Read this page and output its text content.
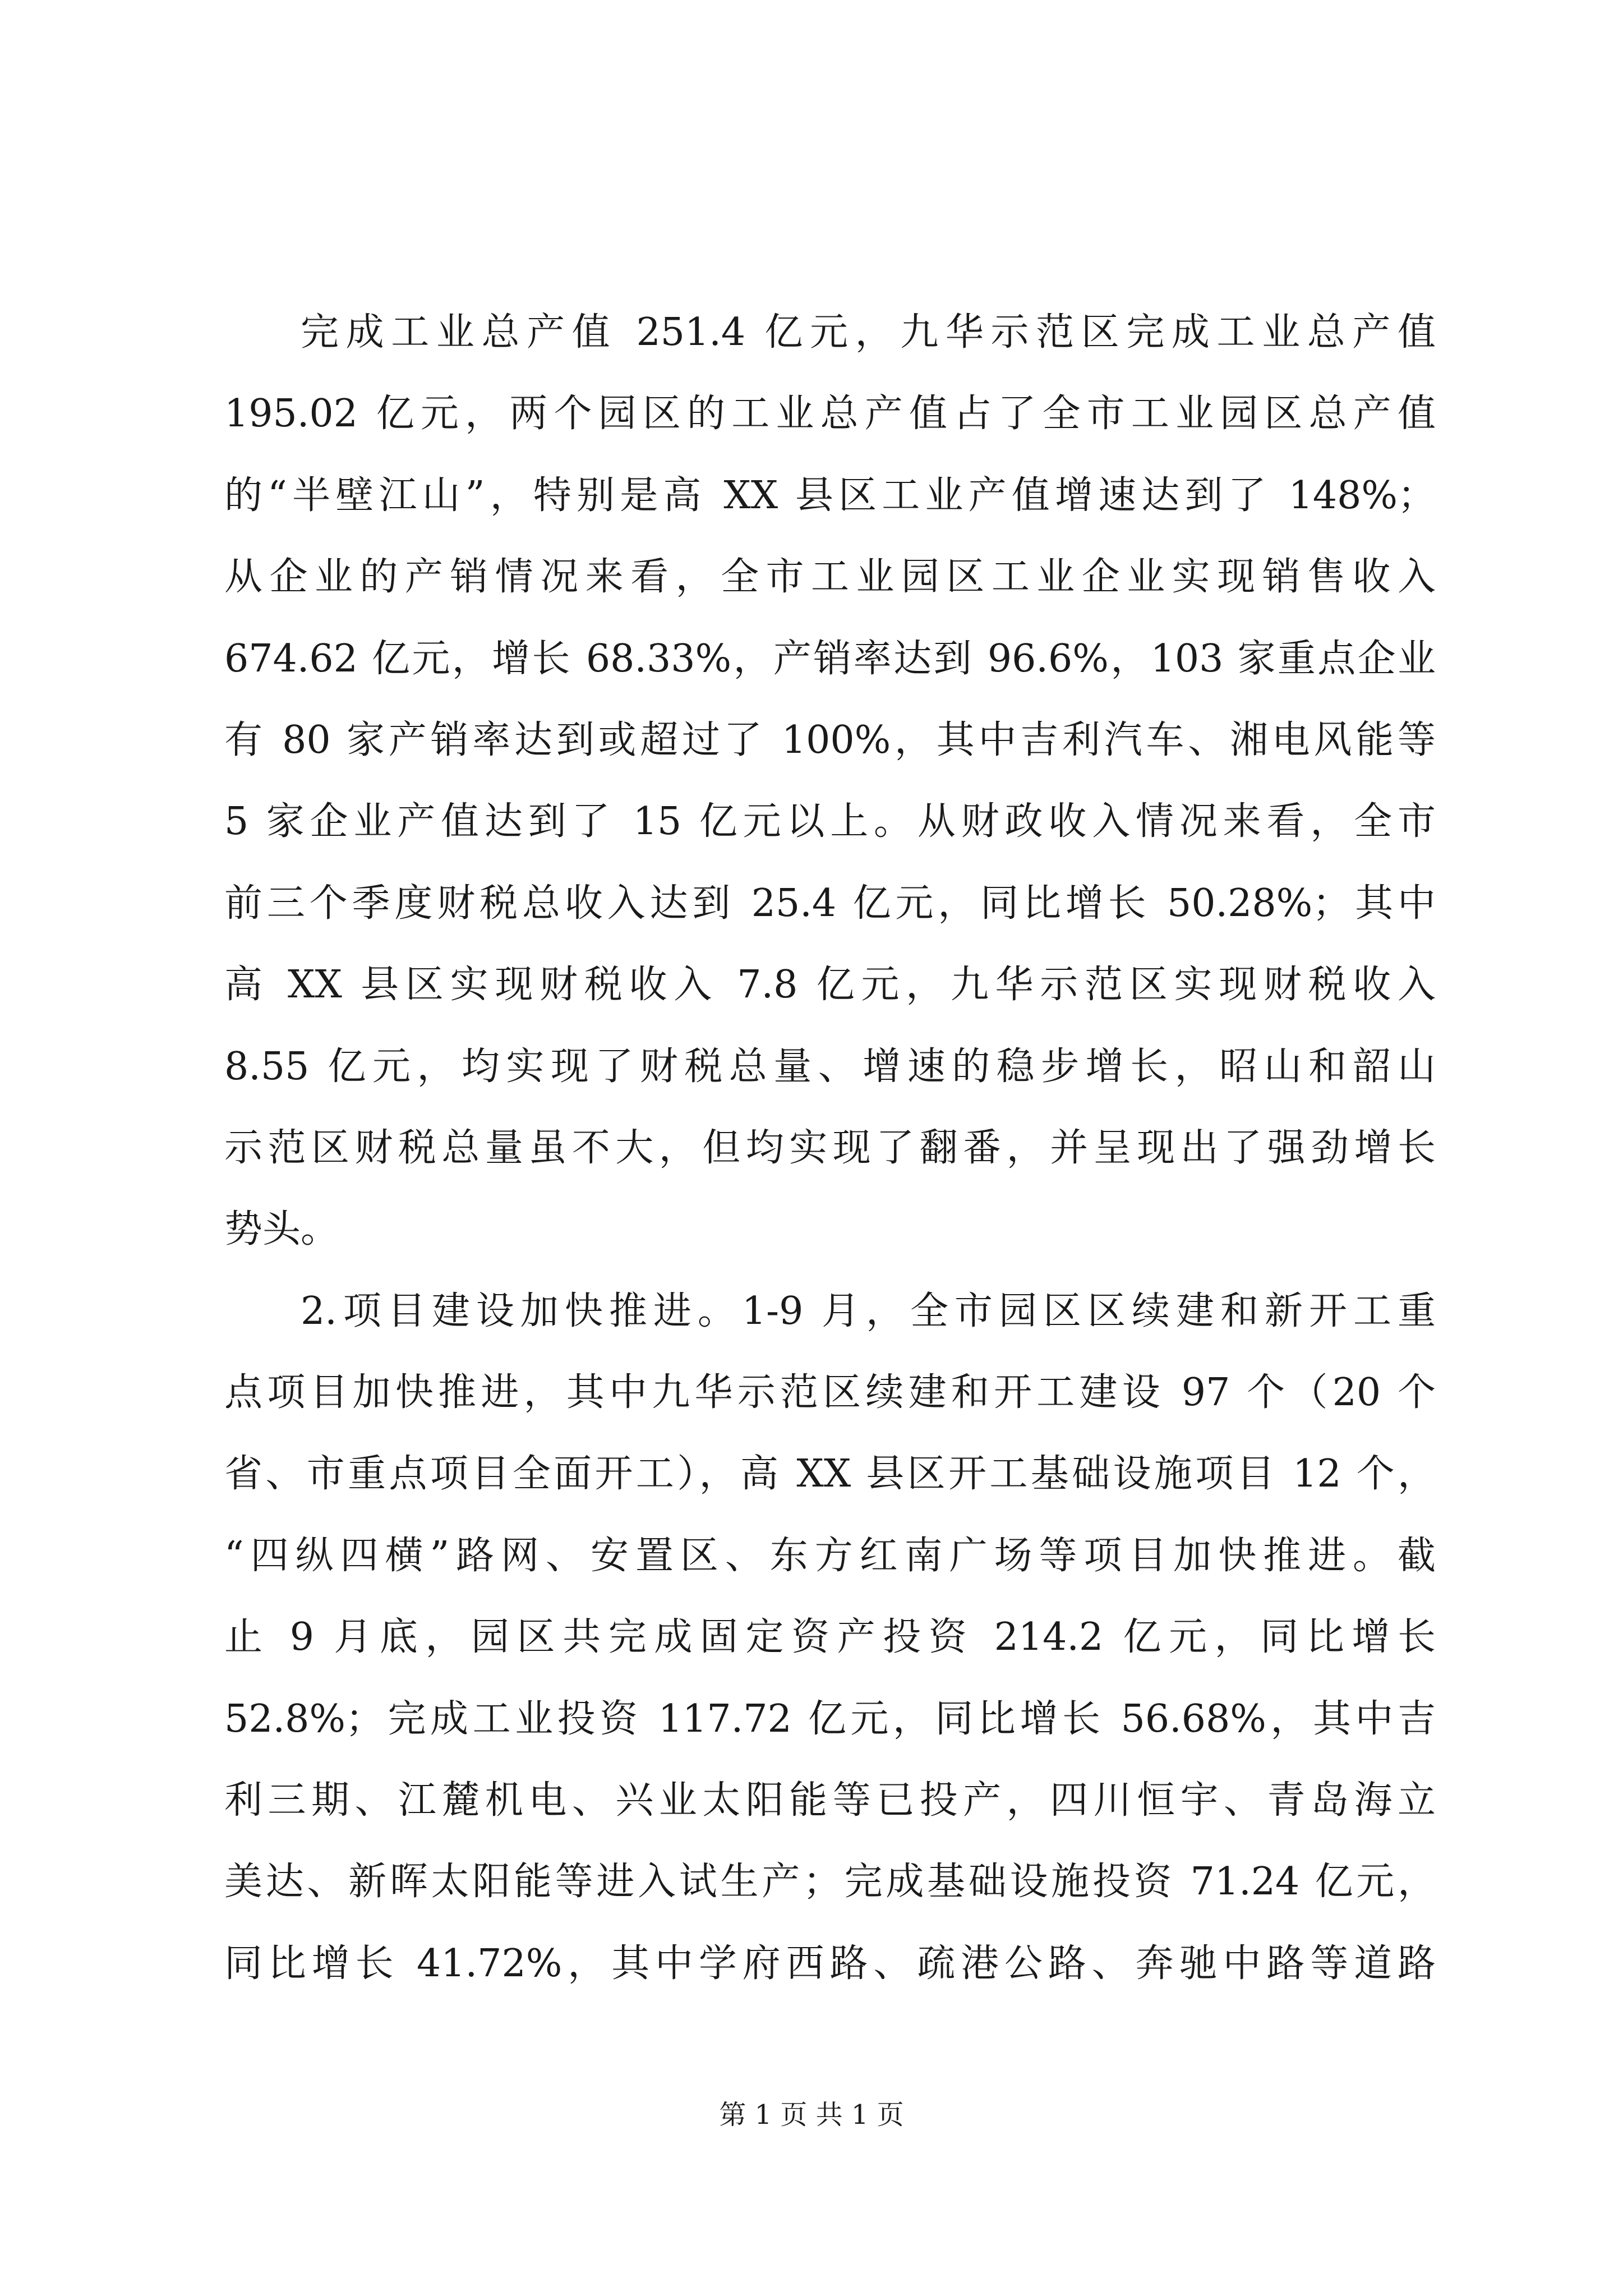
完成工业总产值 251.4 亿元，九华示范区完成工业总产值
195.02 亿元，两个园区的工业总产值占了全市工业园区总产值
的“半壁江山”，特别是高 XX 县区工业产值增速达到了 148%；
从企业的产销情况来看，全市工业园区工业企业实现销售收入
674.62 亿元，增长 68.33%，产销率达到 96.6%，103 家重点企业
有 80 家产销率达到或超过了 100%，其中吉利汽车、湘电风能等
5 家企业产值达到了 15 亿元以上。从财政收入情况来看，全市
前三个季度财税总收入达到 25.4 亿元，同比增长 50.28%；其中
高 XX 县区实现财税收入 7.8 亿元，九华示范区实现财税收入
8.55 亿元，均实现了财税总量、增速的稳步增长，昭山和韶山
示范区财税总量虽不大，但均实现了翻番，并呈现出了强劲增长
势头。
2.项目建设加快推进。1-9 月，全市园区区续建和新开工重
点项目加快推进，其中九华示范区续建和开工建设 97 个（20 个
省、市重点项目全面开工），高 XX 县区开工基础设施项目 12 个，
“四纵四横”路网、安置区、东方红南广场等项目加快推进。截
止 9 月底，园区共完成固定资产投资 214.2 亿元，同比增长
52.8%；完成工业投资 117.72 亿元，同比增长 56.68%，其中吉
利三期、江麓机电、兴业太阳能等已投产，四川恒宇、青岛海立
美达、新晖太阳能等进入试生产；完成基础设施投资 71.24 亿元，
同比增长 41.72%，其中学府西路、疏港公路、奔驰中路等道路
第 1 页 共 1 页
